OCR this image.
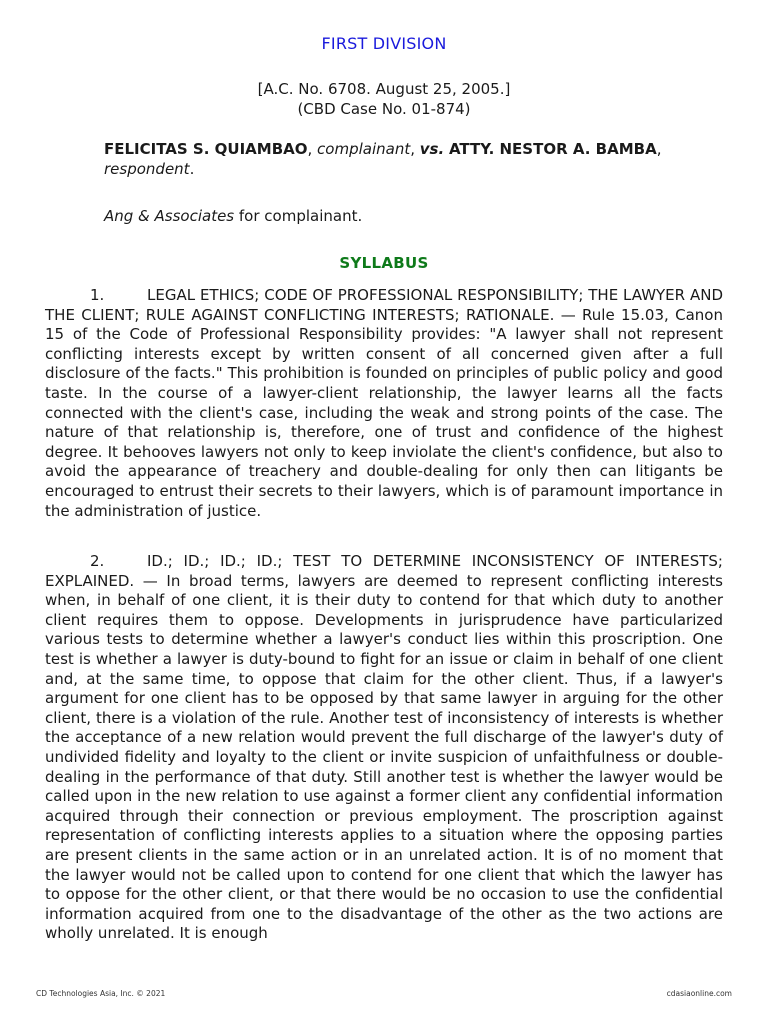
FIRST DIVISION
[A.C. No. 6708. August 25, 2005.]
(CBD Case No. 01-874)
FELICITAS S. QUIAMBAO, complainant, vs. ATTY. NESTOR A. BAMBA, respondent.
Ang & Associates for complainant.
SYLLABUS

1.	LEGAL ETHICS; CODE OF PROFESSIONAL RESPONSIBILITY; THE LAWYER AND THE CLIENT; RULE AGAINST CONFLICTING INTERESTS; RATIONALE. — Rule 15.03, Canon 15 of the Code of Professional Responsibility provides: "A lawyer shall not represent conflicting interests except by written consent of all concerned given after a full disclosure of the facts." This prohibition is founded on principles of public policy and good taste. In the course of a lawyer-client relationship, the lawyer learns all the facts connected with the client's case, including the weak and strong points of the case. The nature of that relationship is, therefore, one of trust and confidence of the highest degree. It behooves lawyers not only to keep inviolate the client's confidence, but also to avoid the appearance of treachery and double-dealing for only then can litigants be encouraged to entrust their secrets to their lawyers, which is of paramount importance in the administration of justice.

2.	ID.; ID.; ID.; ID.; TEST TO DETERMINE INCONSISTENCY OF INTERESTS; EXPLAINED. — In broad terms, lawyers are deemed to represent conflicting interests when, in behalf of one client, it is their duty to contend for that which duty to another client requires them to oppose. Developments in jurisprudence have particularized various tests to determine whether a lawyer's conduct lies within this proscription. One test is whether a lawyer is duty-bound to fight for an issue or claim in behalf of one client and, at the same time, to oppose that claim for the other client. Thus, if a lawyer's argument for one client has to be opposed by that same lawyer in arguing for the other client, there is a violation of the rule. Another test of inconsistency of interests is whether the acceptance of a new relation would prevent the full discharge of the lawyer's duty of undivided fidelity and loyalty to the client or invite suspicion of unfaithfulness or double-dealing in the performance of that duty. Still another test is whether the lawyer would be called upon in the new relation to use against a former client any confidential information acquired through their connection or previous employment. The proscription against representation of conflicting interests applies to a situation where the opposing parties are present clients in the same action or in an unrelated action. It is of no moment that the lawyer would not be called upon to contend for one client that which the lawyer has to oppose for the other client, or that there would be no occasion to use the confidential information acquired from one to the disadvantage of the other as the two actions are wholly unrelated. It is enough

CD Technologies Asia, Inc. © 2021	cdasiaonline.com
